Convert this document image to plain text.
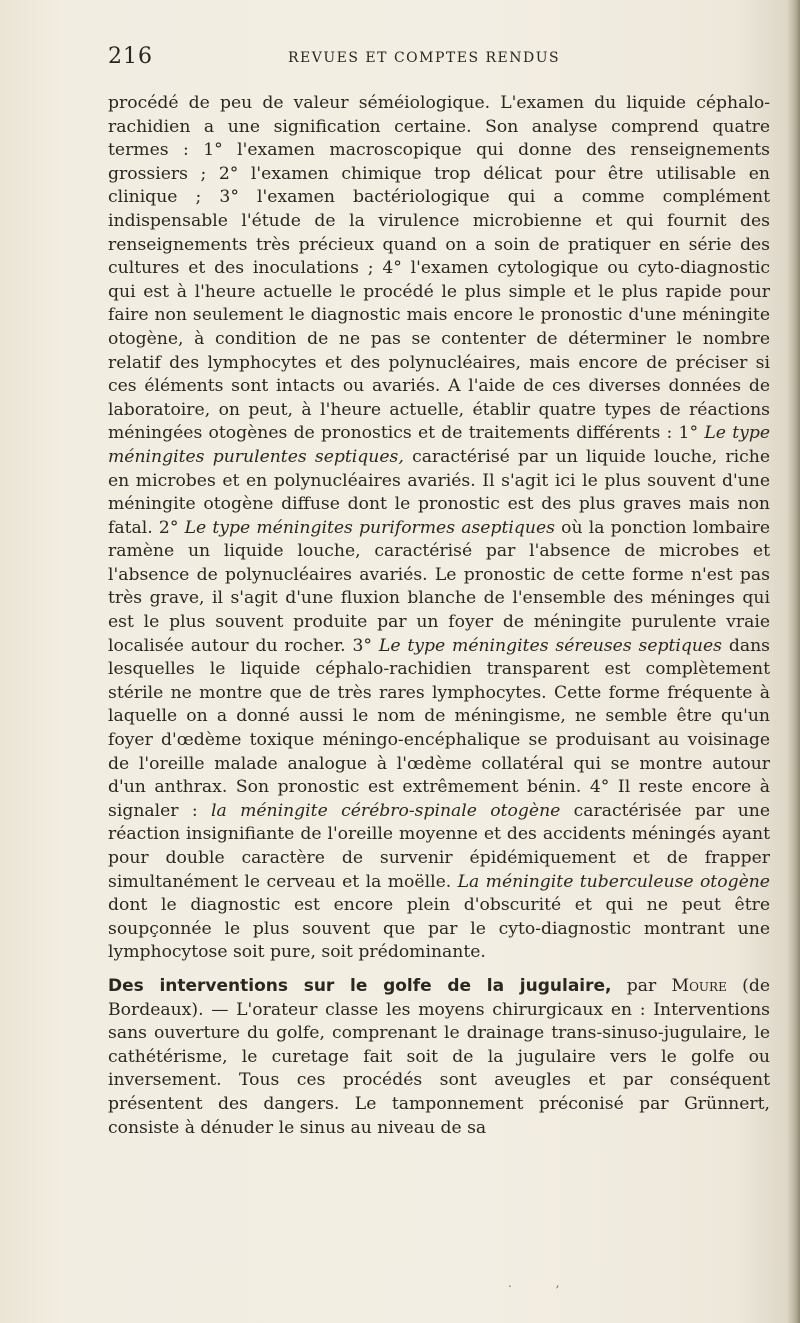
216	REVUES ET COMPTES RENDUS

procédé de peu de valeur séméiologique. L'examen du liquide céphalo-rachidien a une signification certaine. Son analyse comprend quatre termes : 1° l'examen macroscopique qui donne des renseignements grossiers ; 2° l'examen chimique trop délicat pour être utilisable en clinique ; 3° l'examen bactériologique qui a comme complément indispensable l'étude de la virulence microbienne et qui fournit des renseignements très précieux quand on a soin de pratiquer en série des cultures et des inoculations ; 4° l'examen cytologique ou cyto-diagnostic qui est à l'heure actuelle le procédé le plus simple et le plus rapide pour faire non seulement le diagnostic mais encore le pronostic d'une méningite otogène, à condition de ne pas se contenter de déterminer le nombre relatif des lymphocytes et des polynucléaires, mais encore de préciser si ces éléments sont intacts ou avariés. A l'aide de ces diverses données de laboratoire, on peut, à l'heure actuelle, établir quatre types de réactions méningées otogènes de pronostics et de traitements différents : 1° Le type méningites purulentes septiques, caractérisé par un liquide louche, riche en microbes et en polynucléaires avariés. Il s'agit ici le plus souvent d'une méningite otogène diffuse dont le pronostic est des plus graves mais non fatal. 2° Le type méningites puriformes aseptiques où la ponction lombaire ramène un liquide louche, caractérisé par l'absence de microbes et l'absence de polynucléaires avariés. Le pronostic de cette forme n'est pas très grave, il s'agit d'une fluxion blanche de l'ensemble des méninges qui est le plus souvent produite par un foyer de méningite purulente vraie localisée autour du rocher. 3° Le type méningites séreuses septiques dans lesquelles le liquide céphalo-rachidien transparent est complètement stérile ne montre que de très rares lymphocytes. Cette forme fréquente à laquelle on a donné aussi le nom de méningisme, ne semble être qu'un foyer d'œdème toxique méningo-encéphalique se produisant au voisinage de l'oreille malade analogue à l'œdème collatéral qui se montre autour d'un anthrax. Son pronostic est extrêmement bénin. 4° Il reste encore à signaler : la méningite cérébro-spinale otogène caractérisée par une réaction insignifiante de l'oreille moyenne et des accidents méningés ayant pour double caractère de survenir épidémiquement et de frapper simultanément le cerveau et la moëlle. La méningite tuberculeuse otogène dont le diagnostic est encore plein d'obscurité et qui ne peut être soupçonnée le plus souvent que par le cyto-diagnostic montrant une lymphocytose soit pure, soit prédominante.

Des interventions sur le golfe de la jugulaire, par Moure (de Bordeaux). — L'orateur classe les moyens chirurgicaux en : Interventions sans ouverture du golfe, comprenant le drainage trans-sinuso-jugulaire, le cathétérisme, le curetage fait soit de la jugulaire vers le golfe ou inversement. Tous ces procédés sont aveugles et par conséquent présentent des dangers. Le tamponnement préconisé par Grünnert, consiste à dénuder le sinus au niveau de sa

. ,
